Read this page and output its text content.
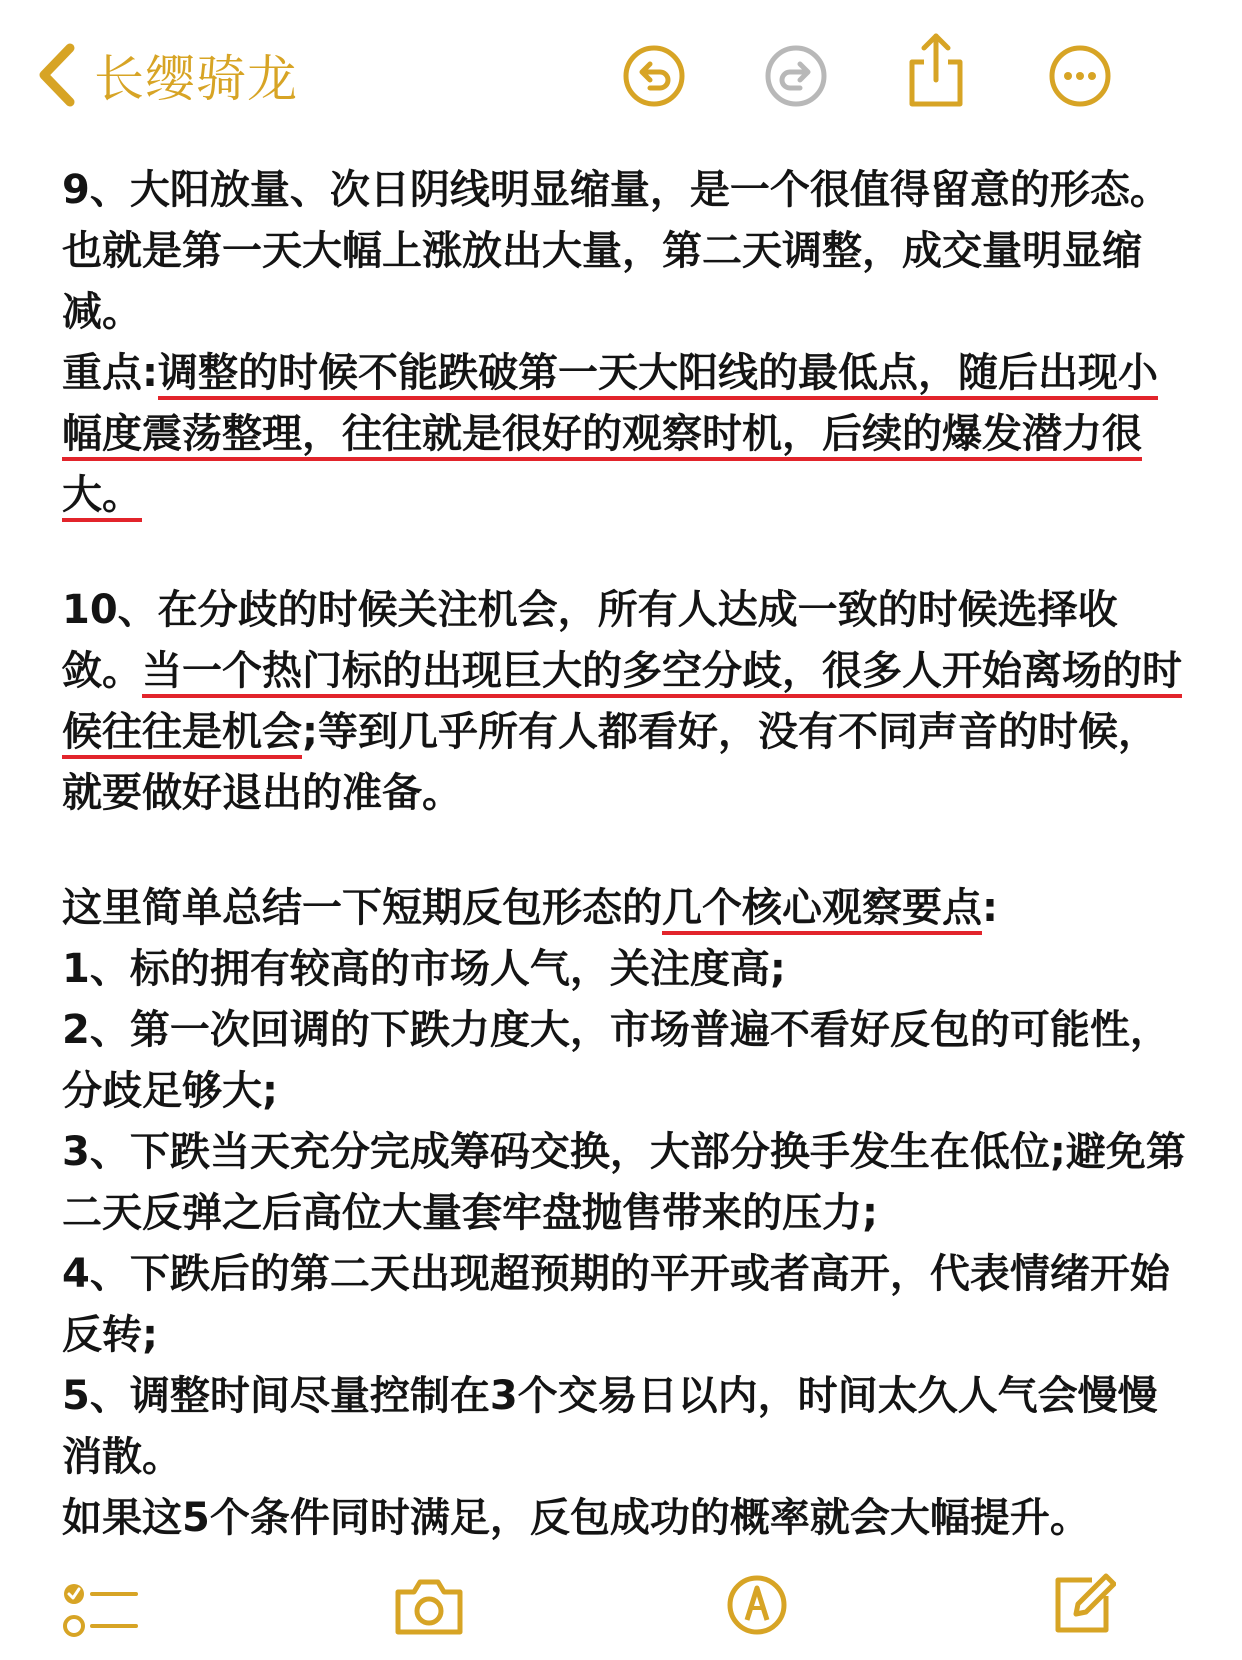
长缨骑龙

9、大阳放量、次日阴线明显缩量，是一个很值得留意的形态。也就是第一天大幅上涨放出大量，第二天调整，成交量明显缩减。
重点:调整的时候不能跌破第一天大阳线的最低点，随后出现小幅度震荡整理，往往就是很好的观察时机，后续的爆发潜力很大。

10、在分歧的时候关注机会，所有人达成一致的时候选择收敛。当一个热门标的出现巨大的多空分歧，很多人开始离场的时候往往是机会;等到几乎所有人都看好，没有不同声音的时候，就要做好退出的准备。

这里简单总结一下短期反包形态的几个核心观察要点:

1、标的拥有较高的市场人气，关注度高;

2、第一次回调的下跌力度大，市场普遍不看好反包的可能性，分歧足够大;

3、下跌当天充分完成筹码交换，大部分换手发生在低位;避免第二天反弹之后高位大量套牢盘抛售带来的压力;

4、下跌后的第二天出现超预期的平开或者高开，代表情绪开始反转;

5、调整时间尽量控制在3个交易日以内，时间太久人气会慢慢消散。

如果这5个条件同时满足，反包成功的概率就会大幅提升。
